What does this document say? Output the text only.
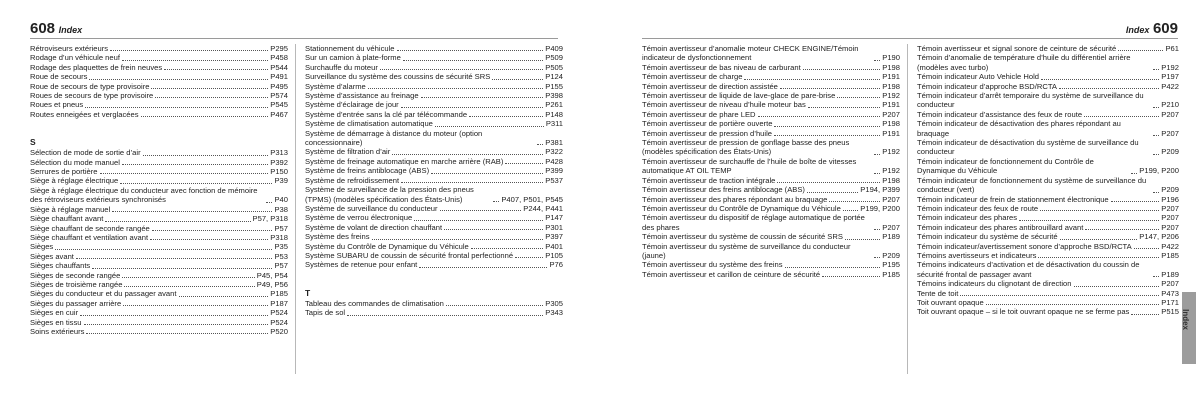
608 Index
Rétroviseurs extérieurs	P295
Rodage d’un véhicule neuf	P458
Rodage des plaquettes de frein neuves	P544
Roue de secours	P491
Roue de secours de type provisoire	P495
Roues de secours de type provisoire	P574
Roues et pneus	P545
Routes enneigées et verglacées	P467
S
Sélection de mode de sortie d’air	P313
Sélection du mode manuel	P392
Serrures de portière	P150
Siège à réglage électrique	P39
Siège à réglage électrique du conducteur avec fonction de mémoire des rétroviseurs extérieurs synchronisés	P40
Siège à réglage manuel	P38
Siège chauffant avant	P57, P318
Siège chauffant de seconde rangée	P57
Siège chauffant et ventilation avant	P318
Sièges	P35
Sièges avant	P53
Sièges chauffants	P57
Sièges de seconde rangée	P45, P54
Sièges de troisième rangée	P49, P56
Sièges du conducteur et du passager avant	P185
Sièges du passager arrière	P187
Sièges en cuir	P524
Sièges en tissu	P524
Soins extérieurs	P520
Stationnement du véhicule	P409
Sur un camion à plate-forme	P509
Surchauffe du moteur	P505
Surveillance du système des coussins de sécurité SRS	P124
Système d’alarme	P155
Système d’assistance au freinage	P398
Système d’éclairage de jour	P261
Système d’entrée sans la clé par télécommande	P148
Système de climatisation automatique	P311
Système de démarrage à distance du moteur (option concessionnaire)	P381
Système de filtration d’air	P322
Système de freinage automatique en marche arrière (RAB)	P428
Système de freins antiblocage (ABS)	P399
Système de refroidissement	P537
Système de surveillance de la pression des pneus (TPMS) (modèles spécification des États-Unis)	P407, P501, P545
Système de surveillance du conducteur	P244, P441
Système de verrou électronique	P147
Système de volant de direction chauffant	P301
Système des freins	P397
Système du Contrôle de Dynamique du Véhicule	P401
Système SUBARU de coussin de sécurité frontal perfectionné	P105
Systèmes de retenue pour enfant	P76
T
Tableau des commandes de climatisation	P305
Tapis de sol	P343
Index 609
Témoin avertisseur d’anomalie moteur CHECK ENGINE/Témoin indicateur de dysfonctionnement	P190
Témoin avertisseur de bas niveau de carburant	P198
Témoin avertisseur de charge	P191
Témoin avertisseur de direction assistée	P198
Témoin avertisseur de liquide de lave-glace de pare-brise	P192
Témoin avertisseur de niveau d’huile moteur bas	P191
Témoin avertisseur de phare LED	P207
Témoin avertisseur de portière ouverte	P198
Témoin avertisseur de pression d’huile	P191
Témoin avertisseur de pression de gonflage basse des pneus (modèles spécification des États-Unis)	P192
Témoin avertisseur de surchauffe de l’huile de boîte de vitesses automatique AT OIL TEMP	P192
Témoin avertisseur de traction intégrale	P198
Témoin avertisseur des freins antiblocage (ABS)	P194, P399
Témoin avertisseur des phares répondant au braquage	P207
Témoin avertisseur du Contrôle de Dynamique du Véhicule	P199, P200
Témoin avertisseur du dispositif de réglage automatique de portée des phares	P207
Témoin avertisseur du système de coussin de sécurité SRS	P189
Témoin avertisseur du système de surveillance du conducteur (jaune)	P209
Témoin avertisseur du système des freins	P195
Témoin avertisseur et carillon de ceinture de sécurité	P185
Témoin avertisseur et signal sonore de ceinture de sécurité	P61
Témoin d’anomalie de température d’huile du différentiel arrière (modèles avec turbo)	P192
Témoin indicateur Auto Vehicle Hold	P197
Témoin indicateur d’approche BSD/RCTA	P422
Témoin indicateur d’arrêt temporaire du système de surveillance du conducteur	P210
Témoin indicateur d’assistance des feux de route	P207
Témoin indicateur de désactivation des phares répondant au braquage	P207
Témoin indicateur de désactivation du système de surveillance du conducteur	P209
Témoin indicateur de fonctionnement du Contrôle de Dynamique du Véhicule	P199, P200
Témoin indicateur de fonctionnement du système de surveillance du conducteur (vert)	P209
Témoin indicateur de frein de stationnement électronique	P196
Témoin indicateur des feux de route	P207
Témoin indicateur des phares	P207
Témoin indicateur des phares antibrouillard avant	P207
Témoin indicateur du système de sécurité	P147, P206
Témoin indicateur/avertissement sonore d’approche BSD/RCTA	P422
Témoins avertisseurs et indicateurs	P185
Témoins indicateurs d’activation et de désactivation du coussin de sécurité frontal de passager avant	P189
Témoins indicateurs du clignotant de direction	P207
Tente de toit	P473
Toit ouvrant opaque	P171
Toit ouvrant opaque – si le toit ouvrant opaque ne se ferme pas	P515 Index
